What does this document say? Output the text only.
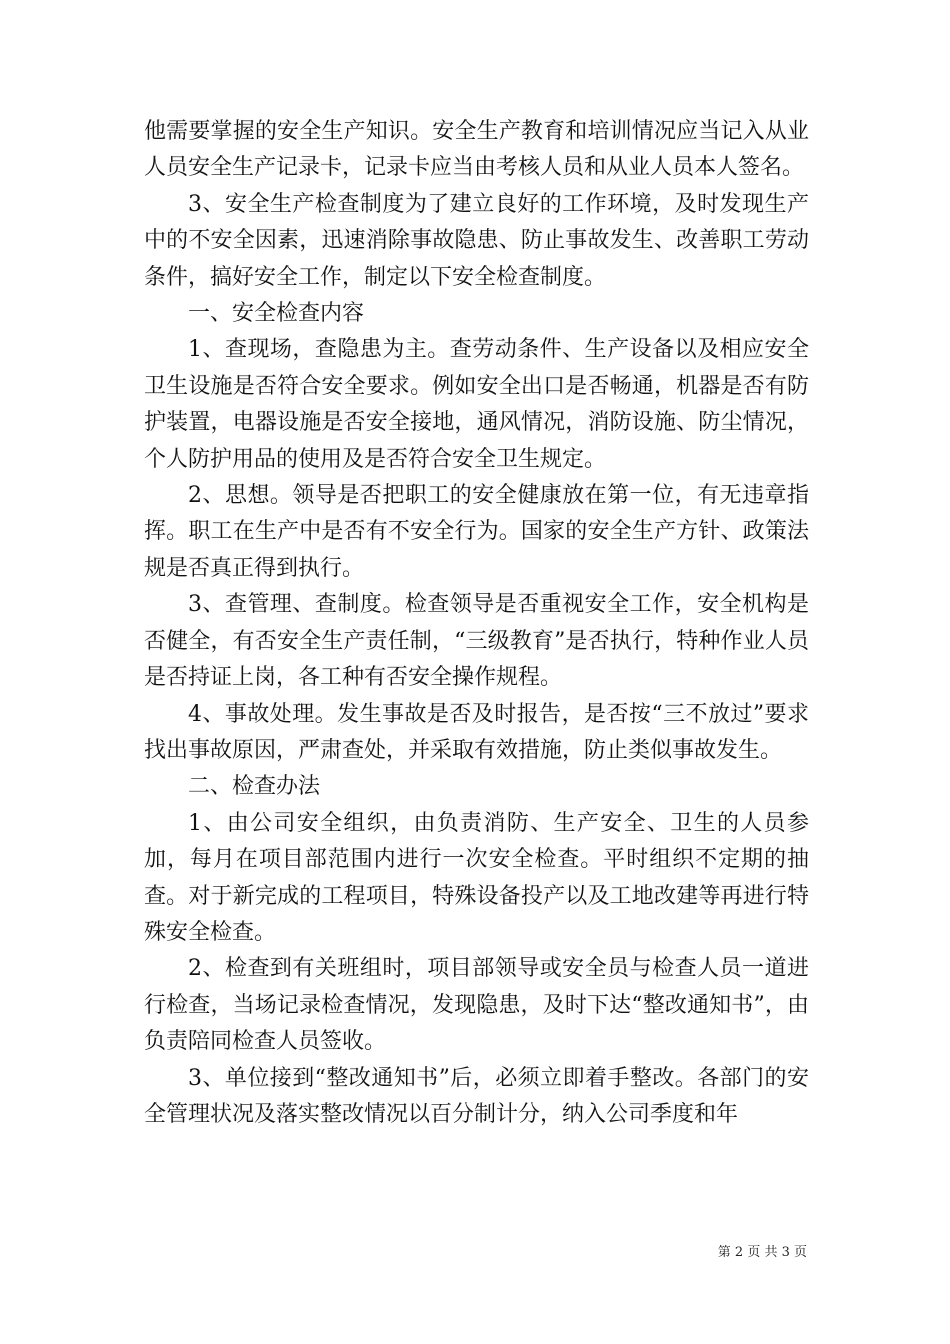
他需要掌握的安全生产知识。安全生产教育和培训情况应当记入从业人员安全生产记录卡，记录卡应当由考核人员和从业人员本人签名。

3、安全生产检查制度为了建立良好的工作环境，及时发现生产中的不安全因素，迅速消除事故隐患、防止事故发生、改善职工劳动条件，搞好安全工作，制定以下安全检查制度。

一、安全检查内容

1、查现场，查隐患为主。查劳动条件、生产设备以及相应安全卫生设施是否符合安全要求。例如安全出口是否畅通，机器是否有防护装置，电器设施是否安全接地，通风情况，消防设施、防尘情况，个人防护用品的使用及是否符合安全卫生规定。

2、思想。领导是否把职工的安全健康放在第一位，有无违章指挥。职工在生产中是否有不安全行为。国家的安全生产方针、政策法规是否真正得到执行。

3、查管理、查制度。检查领导是否重视安全工作，安全机构是否健全，有否安全生产责任制，“三级教育”是否执行，特种作业人员是否持证上岗，各工种有否安全操作规程。

4、事故处理。发生事故是否及时报告，是否按“三不放过”要求找出事故原因，严肃查处，并采取有效措施，防止类似事故发生。

二、检查办法

1、由公司安全组织，由负责消防、生产安全、卫生的人员参加，每月在项目部范围内进行一次安全检查。平时组织不定期的抽查。对于新完成的工程项目，特殊设备投产以及工地改建等再进行特殊安全检查。

2、检查到有关班组时，项目部领导或安全员与检查人员一道进行检查，当场记录检查情况，发现隐患，及时下达“整改通知书”，由负责陪同检查人员签收。

3、单位接到“整改通知书”后，必须立即着手整改。各部门的安全管理状况及落实整改情况以百分制计分，纳入公司季度和年

第 2 页 共 3 页
